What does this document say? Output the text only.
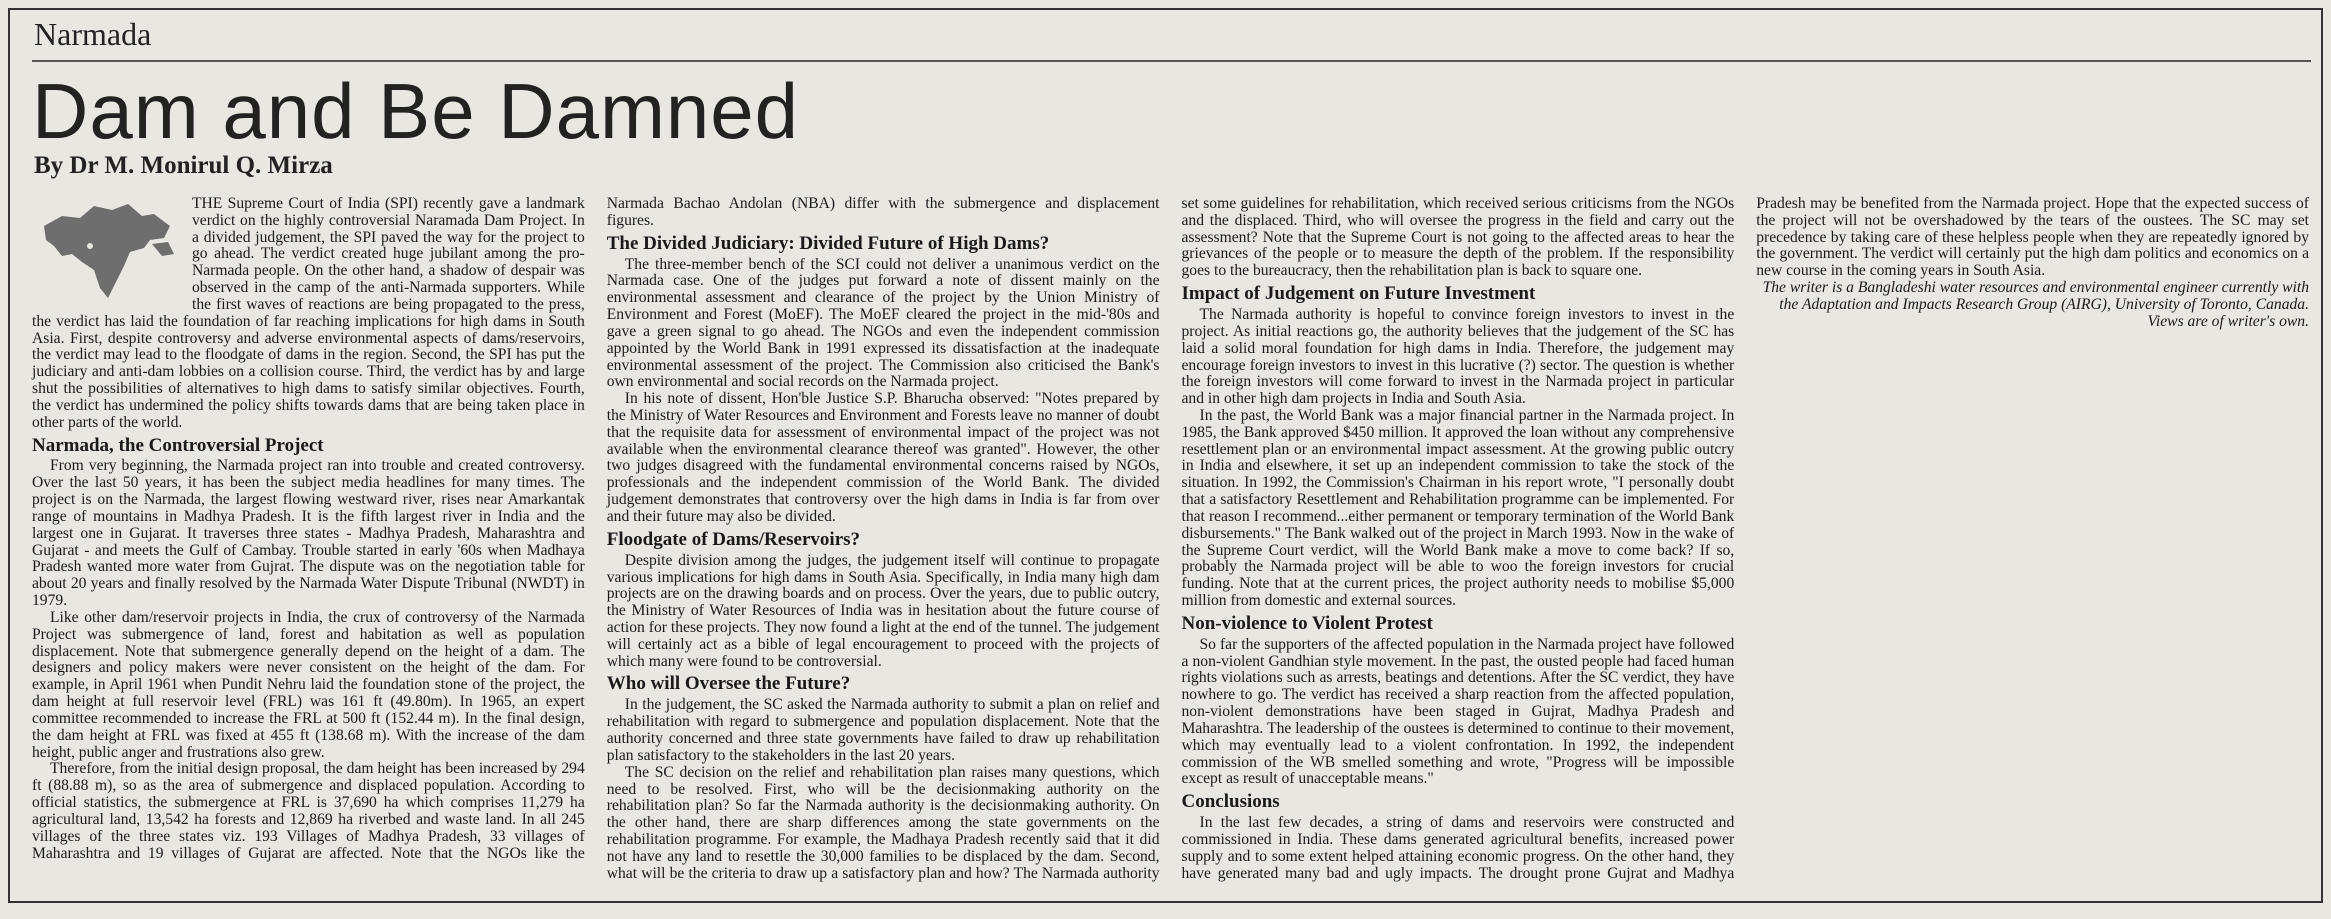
Narmada
Dam and Be Damned
By Dr M. Monirul Q. Mirza

THE Supreme Court of India (SPI) recently gave a landmark verdict on the highly controversial Naramada Dam Project. In a divided judgement, the SPI paved the way for the project to go ahead. The verdict created huge jubilant among the pro-Narmada people. On the other hand, a shadow of despair was observed in the camp of the anti-Narmada supporters. While the first waves of reactions are being propagated to the press, the verdict has laid the foundation of far reaching implications for high dams in South Asia. First, despite controversy and adverse environmental aspects of dams/reservoirs, the verdict may lead to the floodgate of dams in the region. Second, the SPI has put the judiciary and anti-dam lobbies on a collision course. Third, the verdict has by and large shut the possibilities of alternatives to high dams to satisfy similar objectives. Fourth, the verdict has undermined the policy shifts towards dams that are being taken place in other parts of the world.

Narmada, the Controversial Project

From very beginning, the Narmada project ran into trouble and created controversy. Over the last 50 years, it has been the subject media headlines for many times. The project is on the Narmada, the largest flowing westward river, rises near Amarkantak range of mountains in Madhya Pradesh. It is the fifth largest river in India and the largest one in Gujarat. It traverses three states - Madhya Pradesh, Maharashtra and Gujarat - and meets the Gulf of Cambay. Trouble started in early '60s when Madhaya Pradesh wanted more water from Gujrat. The dispute was on the negotiation table for about 20 years and finally resolved by the Narmada Water Dispute Tribunal (NWDT) in 1979.

Like other dam/reservoir projects in India, the crux of controversy of the Narmada Project was submergence of land, forest and habitation as well as population displacement. Note that submergence generally depend on the height of a dam. The designers and policy makers were never consistent on the height of the dam. For example, in April 1961 when Pundit Nehru laid the foundation stone of the project, the dam height at full reservoir level (FRL) was 161 ft (49.80m). In 1965, an expert committee recommended to increase the FRL at 500 ft (152.44 m). In the final design, the dam height at FRL was fixed at 455 ft (138.68 m). With the increase of the dam height, public anger and frustrations also grew.

Therefore, from the initial design proposal, the dam height has been increased by 294 ft (88.88 m), so as the area of submergence and displaced population. According to official statistics, the submergence at FRL is 37,690 ha which comprises 11,279 ha agricultural land, 13,542 ha forests and 12,869 ha riverbed and waste land. In all 245 villages of the three states viz. 193 Villages of Madhya Pradesh, 33 villages of Maharashtra and 19 villages of Gujarat are affected. Note that the NGOs like the Narmada Bachao Andolan (NBA) differ with the submergence and displacement figures.

The Divided Judiciary: Divided Future of High Dams?

The three-member bench of the SCI could not deliver a unanimous verdict on the Narmada case. One of the judges put forward a note of dissent mainly on the environmental assessment and clearance of the project by the Union Ministry of Environment and Forest (MoEF). The MoEF cleared the project in the mid-'80s and gave a green signal to go ahead. The NGOs and even the independent commission appointed by the World Bank in 1991 expressed its dissatisfaction at the inadequate environmental assessment of the project. The Commission also criticised the Bank's own environmental and social records on the Narmada project.

In his note of dissent, Hon'ble Justice S.P. Bharucha observed: "Notes prepared by the Ministry of Water Resources and Environment and Forests leave no manner of doubt that the requisite data for assessment of environmental impact of the project was not available when the environmental clearance thereof was granted". However, the other two judges disagreed with the fundamental environmental concerns raised by NGOs, professionals and the independent commission of the World Bank. The divided judgement demonstrates that controversy over the high dams in India is far from over and their future may also be divided.

Floodgate of Dams/Reservoirs?

Despite division among the judges, the judgement itself will continue to propagate various implications for high dams in South Asia. Specifically, in India many high dam projects are on the drawing boards and on process. Over the years, due to public outcry, the Ministry of Water Resources of India was in hesitation about the future course of action for these projects. They now found a light at the end of the tunnel. The judgement will certainly act as a bible of legal encouragement to proceed with the projects of which many were found to be controversial.

Who will Oversee the Future?

In the judgement, the SC asked the Narmada authority to submit a plan on relief and rehabilitation with regard to submergence and population displacement. Note that the authority concerned and three state governments have failed to draw up rehabilitation plan satisfactory to the stakeholders in the last 20 years.

The SC decision on the relief and rehabilitation plan raises many questions, which need to be resolved. First, who will be the decisionmaking authority on the rehabilitation plan? So far the Narmada authority is the decisionmaking authority. On the other hand, there are sharp differences among the state governments on the rehabilitation programme. For example, the Madhaya Pradesh recently said that it did not have any land to resettle the 30,000 families to be displaced by the dam. Second, what will be the criteria to draw up a satisfactory plan and how? The Narmada authority set some guidelines for rehabilitation, which received serious criticisms from the NGOs and the displaced. Third, who will oversee the progress in the field and carry out the assessment? Note that the Supreme Court is not going to the affected areas to hear the grievances of the people or to measure the depth of the problem. If the responsibility goes to the bureaucracy, then the rehabilitation plan is back to square one.

Impact of Judgement on Future Investment

The Narmada authority is hopeful to convince foreign investors to invest in the project. As initial reactions go, the authority believes that the judgement of the SC has laid a solid moral foundation for high dams in India. Therefore, the judgement may encourage foreign investors to invest in this lucrative (?) sector. The question is whether the foreign investors will come forward to invest in the Narmada project in particular and in other high dam projects in India and South Asia.

In the past, the World Bank was a major financial partner in the Narmada project. In 1985, the Bank approved $450 million. It approved the loan without any comprehensive resettlement plan or an environmental impact assessment. At the growing public outcry in India and elsewhere, it set up an independent commission to take the stock of the situation. In 1992, the Commission's Chairman in his report wrote, "I personally doubt that a satisfactory Resettlement and Rehabilitation programme can be implemented. For that reason I recommend...either permanent or temporary termination of the World Bank disbursements." The Bank walked out of the project in March 1993. Now in the wake of the Supreme Court verdict, will the World Bank make a move to come back? If so, probably the Narmada project will be able to woo the foreign investors for crucial funding. Note that at the current prices, the project authority needs to mobilise $5,000 million from domestic and external sources.

Non-violence to Violent Protest

So far the supporters of the affected population in the Narmada project have followed a non-violent Gandhian style movement. In the past, the ousted people had faced human rights violations such as arrests, beatings and detentions. After the SC verdict, they have nowhere to go. The verdict has received a sharp reaction from the affected population, non-violent demonstrations have been staged in Gujrat, Madhya Pradesh and Maharashtra. The leadership of the oustees is determined to continue to their movement, which may eventually lead to a violent confrontation. In 1992, the independent commission of the WB smelled something and wrote, "Progress will be impossible except as result of unacceptable means."

Conclusions

In the last few decades, a string of dams and reservoirs were constructed and commissioned in India. These dams generated agricultural benefits, increased power supply and to some extent helped attaining economic progress. On the other hand, they have generated many bad and ugly impacts. The drought prone Gujrat and Madhya Pradesh may be benefited from the Narmada project. Hope that the expected success of the project will not be overshadowed by the tears of the oustees. The SC may set precedence by taking care of these helpless people when they are repeatedly ignored by the government. The verdict will certainly put the high dam politics and economics on a new course in the coming years in South Asia.

The writer is a Bangladeshi water resources and environmental engineer currently with the Adaptation and Impacts Research Group (AIRG), University of Toronto, Canada. Views are of writer's own.
